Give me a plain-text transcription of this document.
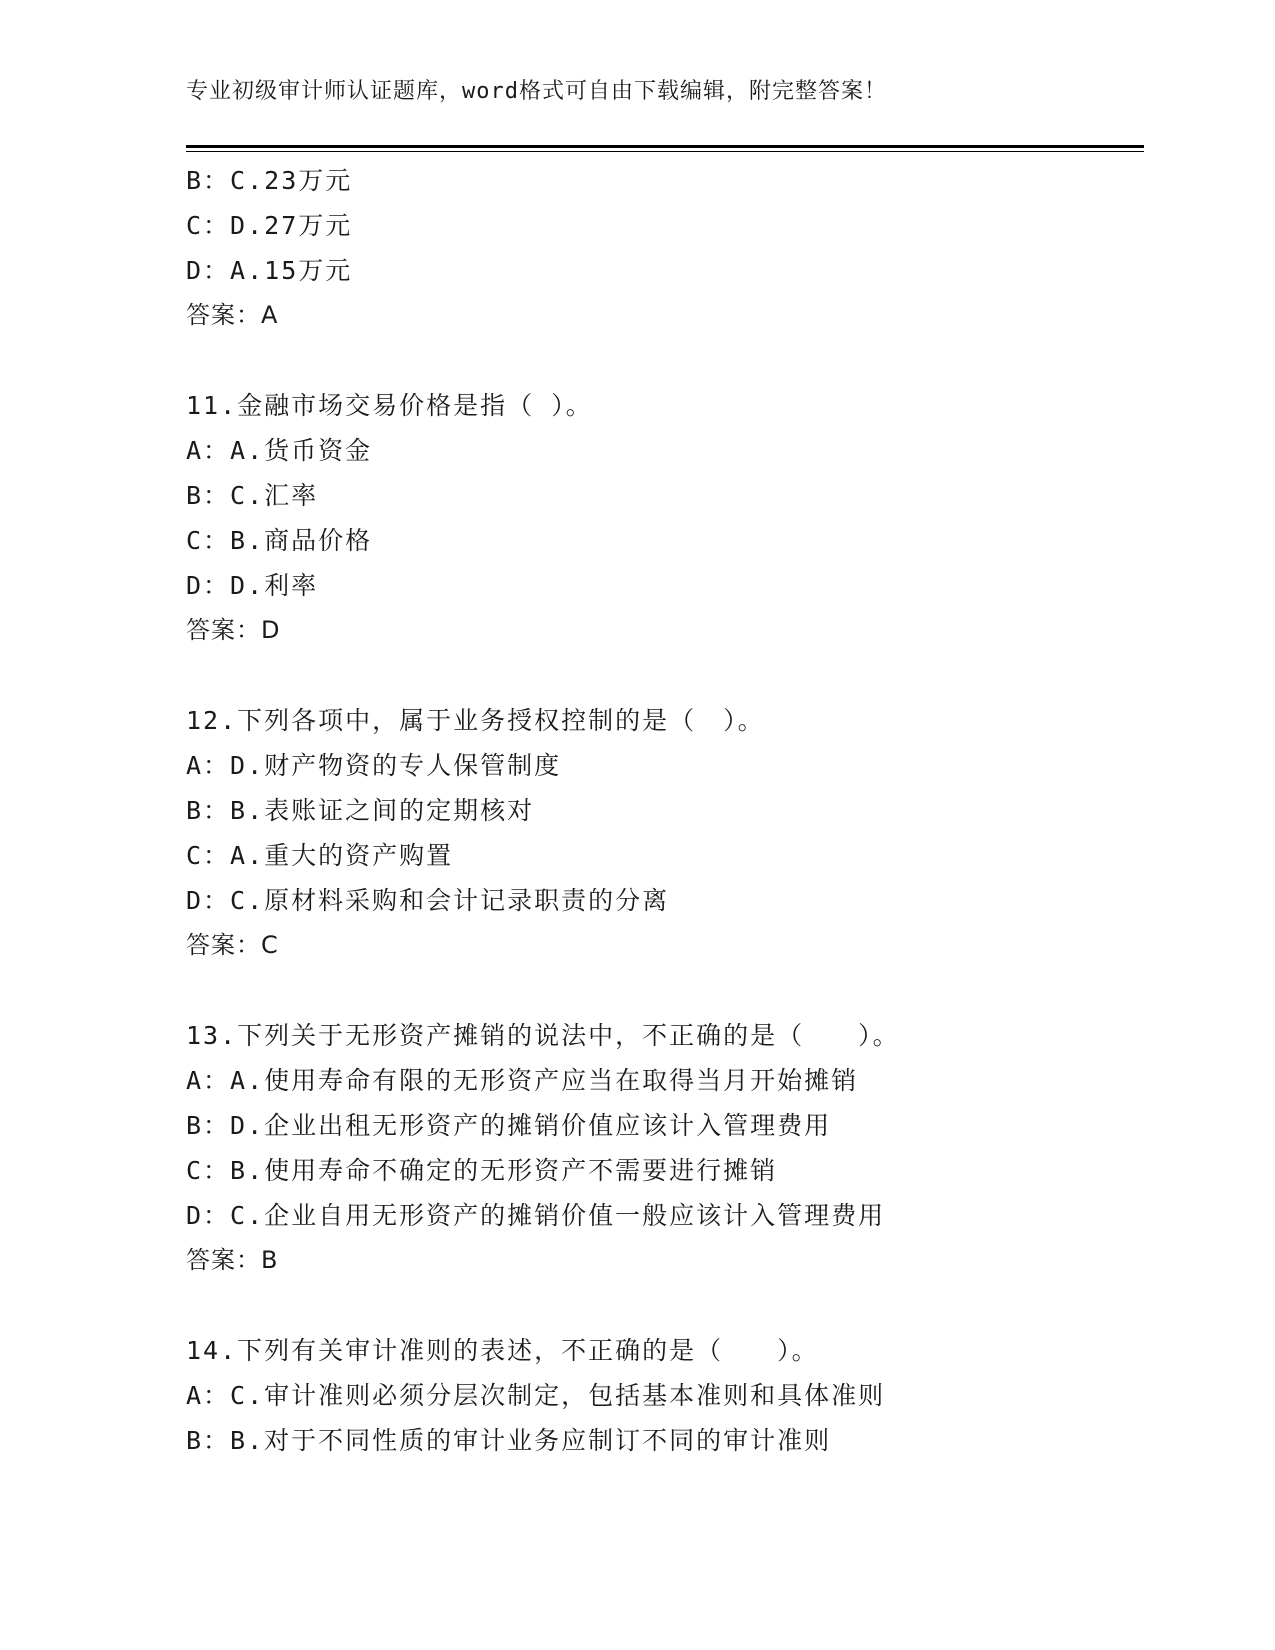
专业初级审计师认证题库，word格式可自由下载编辑，附完整答案！
B：C.23万元
C：D.27万元
D：A.15万元
答案：A
11.金融市场交易价格是指（ ）。
A：A.货币资金
B：C.汇率
C：B.商品价格
D：D.利率
答案：D
12.下列各项中，属于业务授权控制的是（　）。
A：D.财产物资的专人保管制度
B：B.表账证之间的定期核对
C：A.重大的资产购置
D：C.原材料采购和会计记录职责的分离
答案：C
13.下列关于无形资产摊销的说法中，不正确的是（　　）。
A：A.使用寿命有限的无形资产应当在取得当月开始摊销
B：D.企业出租无形资产的摊销价值应该计入管理费用
C：B.使用寿命不确定的无形资产不需要进行摊销
D：C.企业自用无形资产的摊销价值一般应该计入管理费用
答案：B
14.下列有关审计准则的表述，不正确的是（　　）。
A：C.审计准则必须分层次制定，包括基本准则和具体准则
B：B.对于不同性质的审计业务应制订不同的审计准则
